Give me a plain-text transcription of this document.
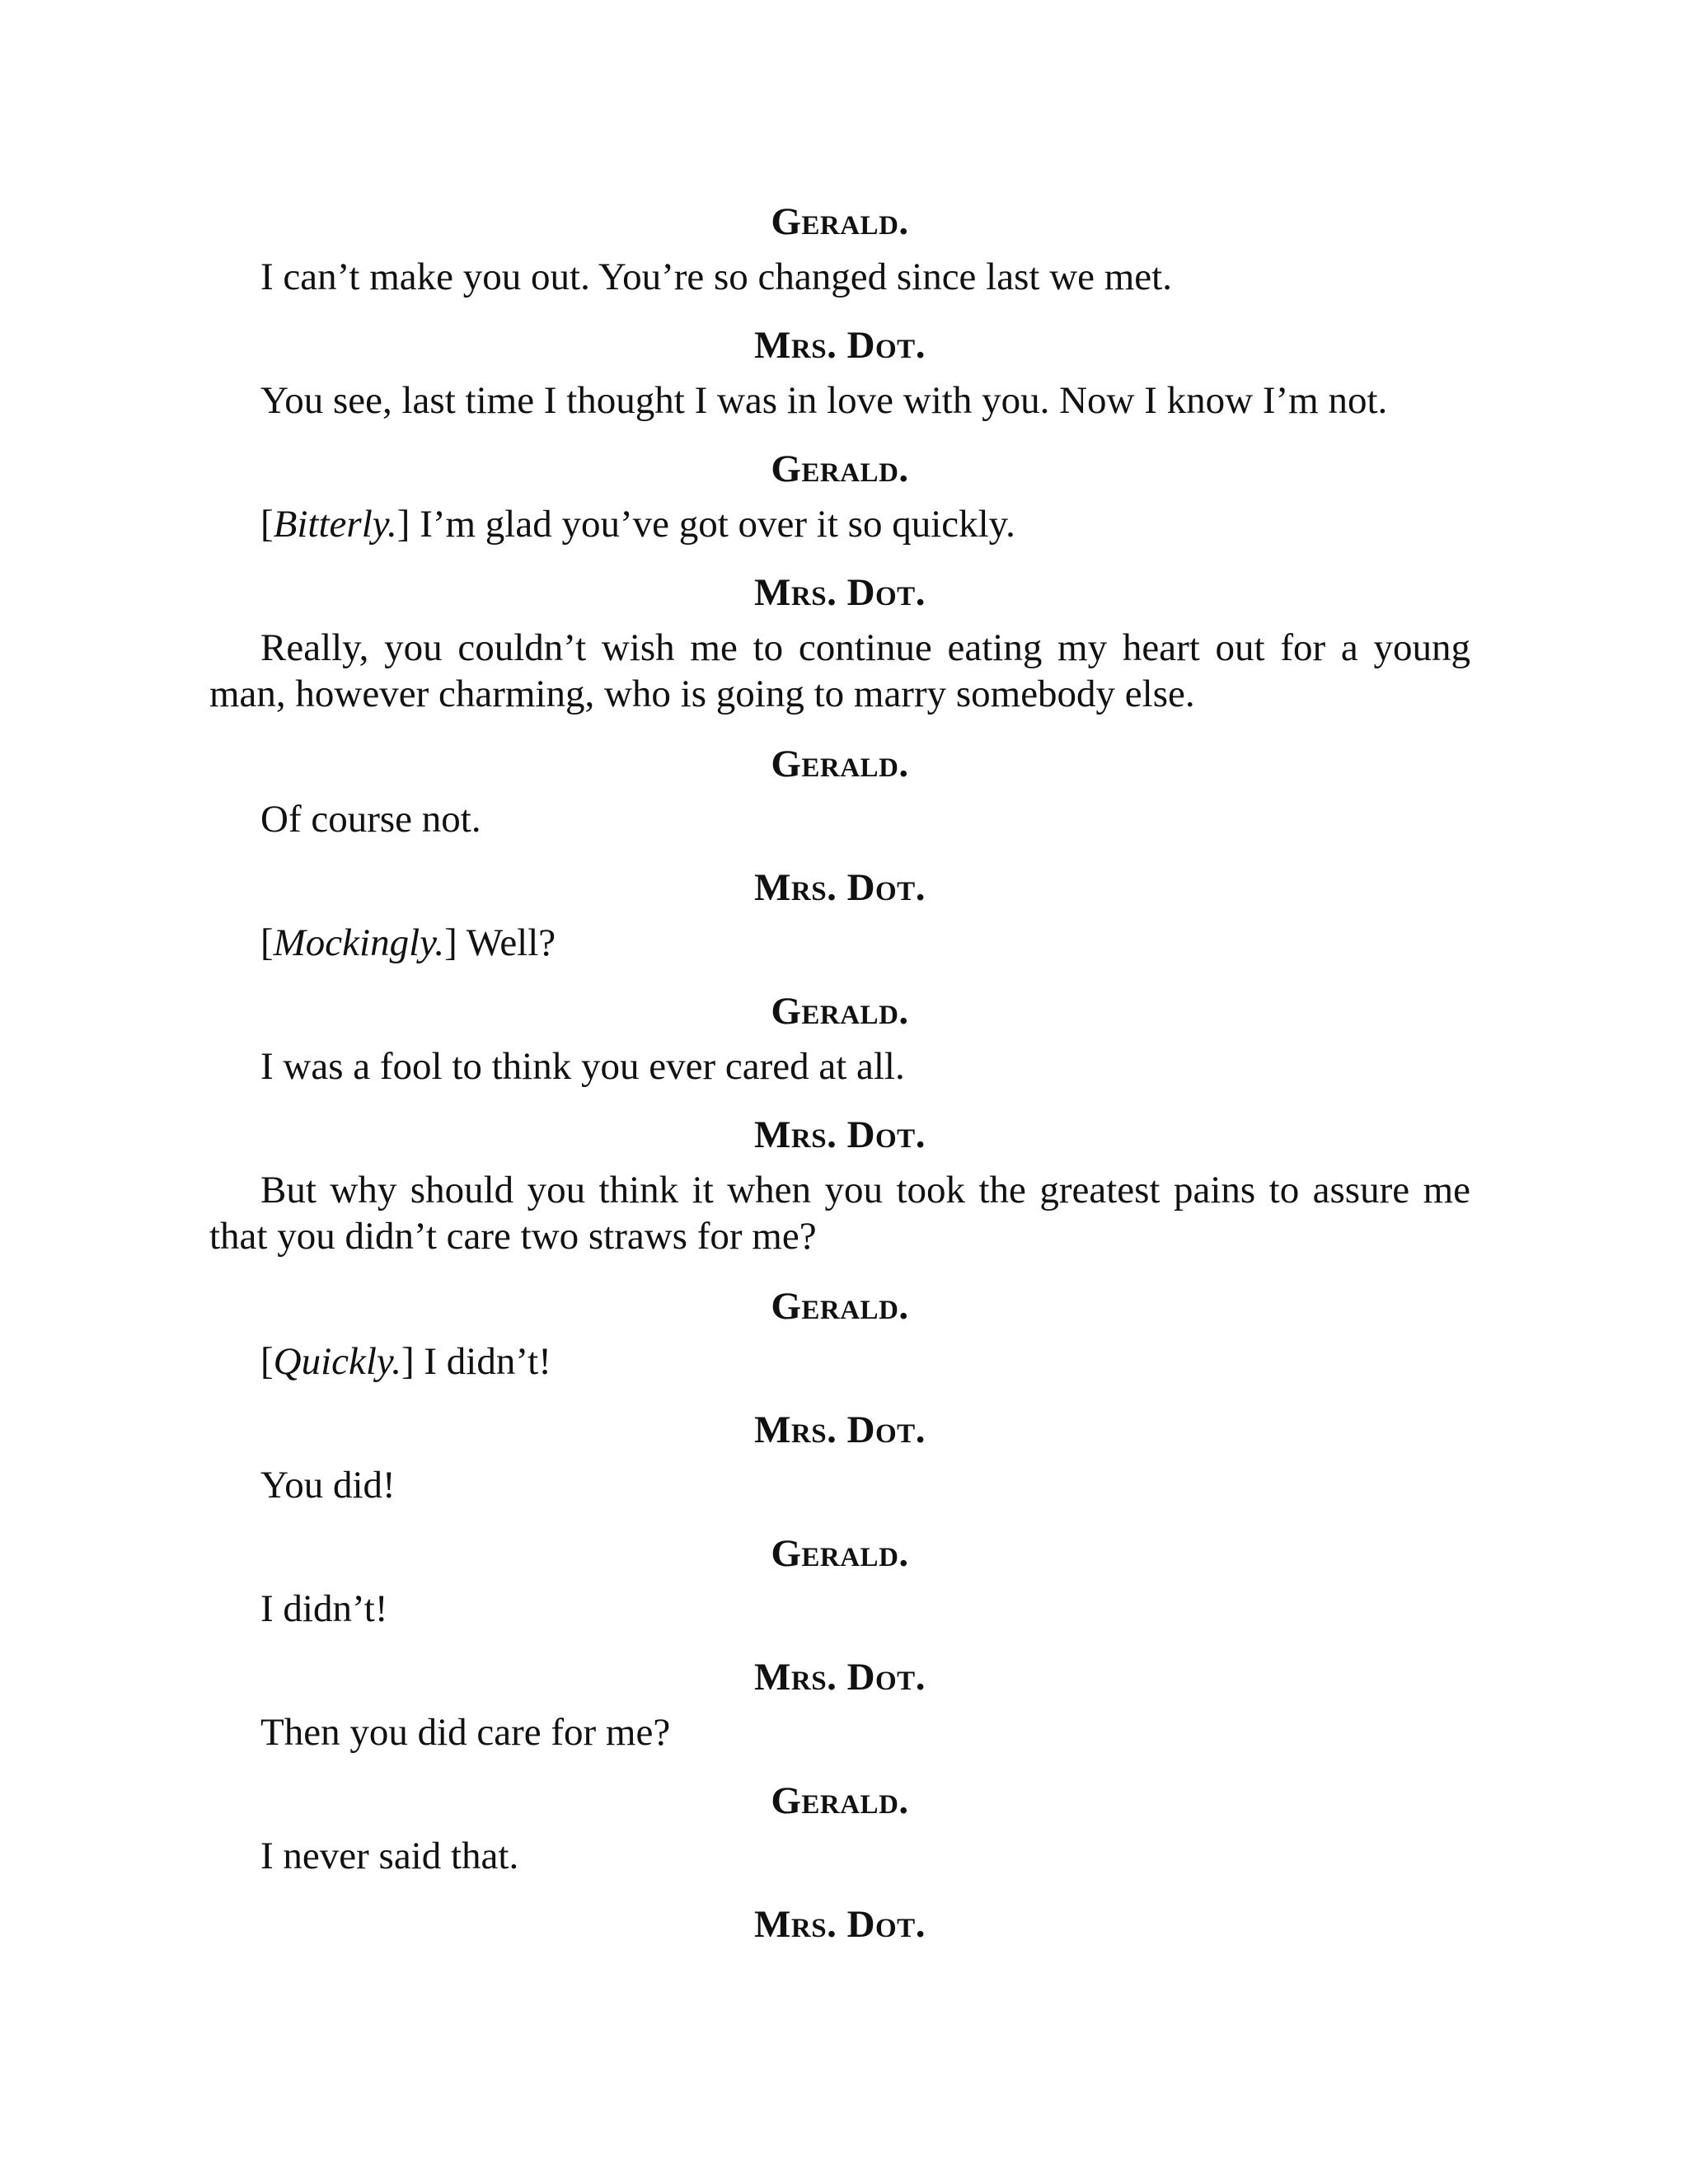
Gerald.
I can’t make you out. You’re so changed since last we met.
Mrs. Dot.
You see, last time I thought I was in love with you. Now I know I’m not.
Gerald.
[Bitterly.] I’m glad you’ve got over it so quickly.
Mrs. Dot.
Really, you couldn’t wish me to continue eating my heart out for a young man, however charming, who is going to marry somebody else.
Gerald.
Of course not.
Mrs. Dot.
[Mockingly.] Well?
Gerald.
I was a fool to think you ever cared at all.
Mrs. Dot.
But why should you think it when you took the greatest pains to assure me that you didn’t care two straws for me?
Gerald.
[Quickly.] I didn’t!
Mrs. Dot.
You did!
Gerald.
I didn’t!
Mrs. Dot.
Then you did care for me?
Gerald.
I never said that.
Mrs. Dot.
